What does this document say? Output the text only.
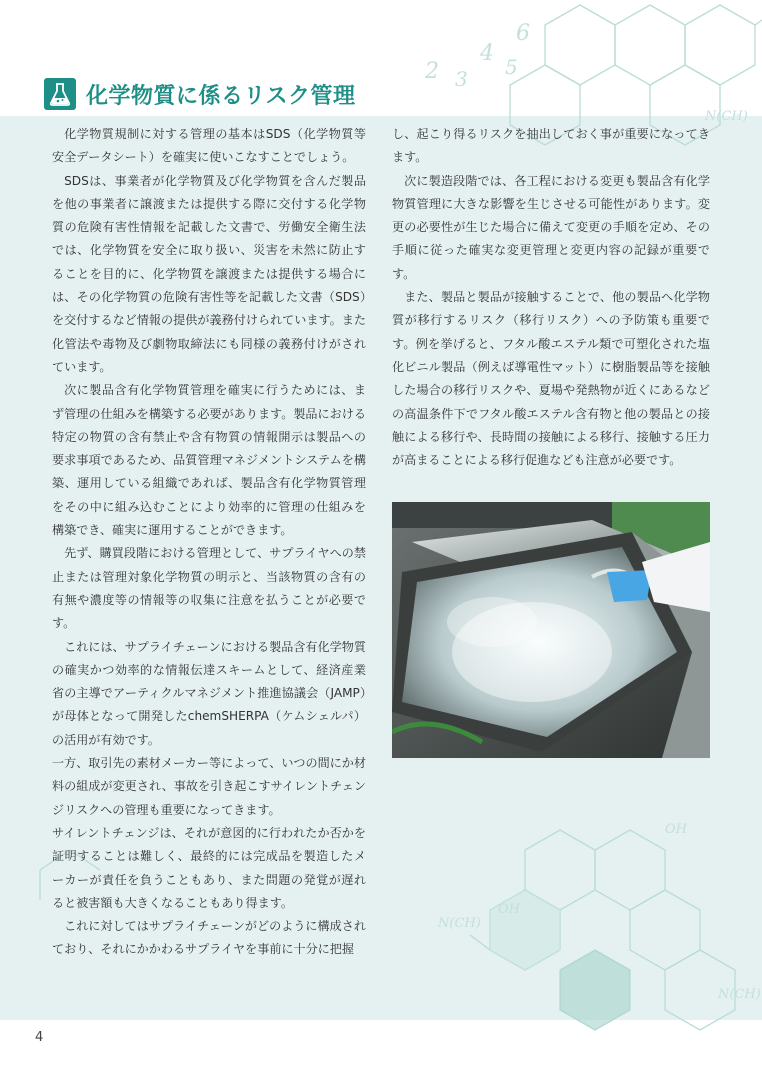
2 3
4
5
6
N(CH)
OH
OH
N(CH)
N(CH)
化学物質に係るリスク管理

化学物質規制に対する管理の基本はSDS（化学物質等安全データシート）を確実に使いこなすことでしょう。

SDSは、事業者が化学物質及び化学物質を含んだ製品を他の事業者に譲渡または提供する際に交付する化学物質の危険有害性情報を記載した文書で、労働安全衛生法では、化学物質を安全に取り扱い、災害を未然に防止することを目的に、化学物質を譲渡または提供する場合には、その化学物質の危険有害性等を記載した文書（SDS）を交付するなど情報の提供が義務付けられています。また化管法や毒物及び劇物取締法にも同様の義務付けがされています。

次に製品含有化学物質管理を確実に行うためには、まず管理の仕組みを構築する必要があります。製品における特定の物質の含有禁止や含有物質の情報開示は製品への要求事項であるため、品質管理マネジメントシステムを構築、運用している組織であれば、製品含有化学物質管理をその中に組み込むことにより効率的に管理の仕組みを構築でき、確実に運用することができます。

先ず、購買段階における管理として、サプライヤへの禁止または管理対象化学物質の明示と、当該物質の含有の有無や濃度等の情報等の収集に注意を払うことが必要です。

これには、サプライチェーンにおける製品含有化学物質の確実かつ効率的な情報伝達スキームとして、経済産業省の主導でアーティクルマネジメント推進協議会（JAMP）が母体となって開発したchemSHERPA（ケムシェルパ）の活用が有効です。

一方、取引先の素材メーカー等によって、いつの間にか材料の組成が変更され、事故を引き起こすサイレントチェンジリスクへの管理も重要になってきます。

サイレントチェンジは、それが意図的に行われたか否かを証明することは難しく、最終的には完成品を製造したメーカーが責任を負うこともあり、また問題の発覚が遅れると被害額も大きくなることもあり得ます。

これに対してはサプライチェーンがどのように構成されており、それにかかわるサプライヤを事前に十分に把握

し、起こり得るリスクを抽出しておく事が重要になってきます。

次に製造段階では、各工程における変更も製品含有化学物質管理に大きな影響を生じさせる可能性があります。変更の必要性が生じた場合に備えて変更の手順を定め、その手順に従った確実な変更管理と変更内容の記録が重要です。

また、製品と製品が接触することで、他の製品へ化学物質が移行するリスク（移行リスク）への予防策も重要です。例を挙げると、フタル酸エステル類で可塑化された塩化ビニル製品（例えば導電性マット）に樹脂製品等を接触した場合の移行リスクや、夏場や発熱物が近くにあるなどの高温条件下でフタル酸エステル含有物と他の製品との接触による移行や、長時間の接触による移行、接触する圧力が高まることによる移行促進なども注意が必要です。

4
